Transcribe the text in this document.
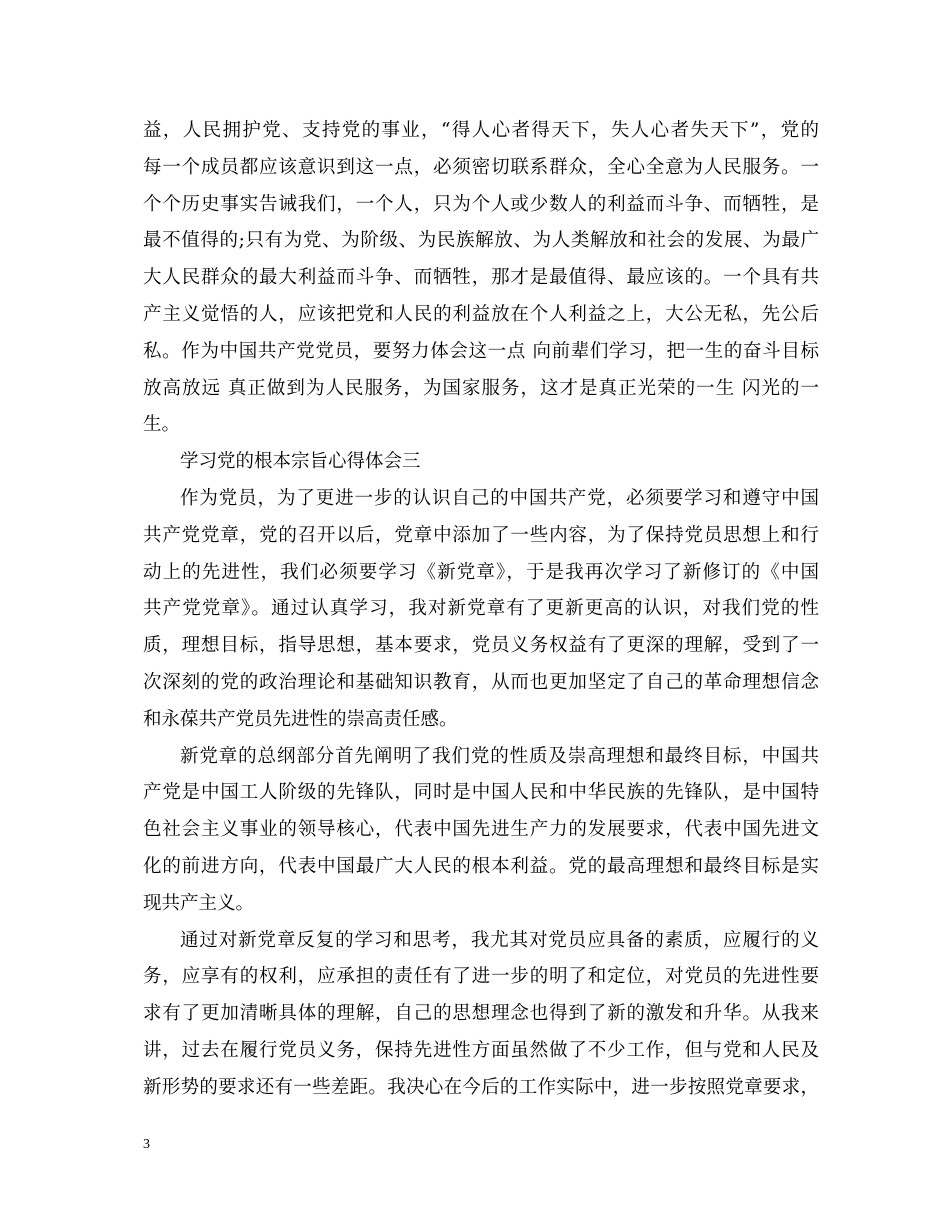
益，人民拥护党、支持党的事业，“得人心者得天下，失人心者失天下”，党的
每一个成员都应该意识到这一点，必须密切联系群众，全心全意为人民服务。一
个个历史事实告诫我们，一个人，只为个人或少数人的利益而斗争、而牺牲，是
最不值得的;只有为党、为阶级、为民族解放、为人类解放和社会的发展、为最广
大人民群众的最大利益而斗争、而牺牲，那才是最值得、最应该的。一个具有共
产主义觉悟的人，应该把党和人民的利益放在个人利益之上，大公无私，先公后
私。作为中国共产党党员，要努力体会这一点 向前辈们学习，把一生的奋斗目标
放高放远 真正做到为人民服务，为国家服务，这才是真正光荣的一生 闪光的一
生。
学习党的根本宗旨心得体会三
作为党员，为了更进一步的认识自己的中国共产党，必须要学习和遵守中国
共产党党章，党的召开以后，党章中添加了一些内容，为了保持党员思想上和行
动上的先进性，我们必须要学习《新党章》，于是我再次学习了新修订的《中国
共产党党章》。通过认真学习，我对新党章有了更新更高的认识，对我们党的性
质，理想目标，指导思想，基本要求，党员义务权益有了更深的理解，受到了一
次深刻的党的政治理论和基础知识教育，从而也更加坚定了自己的革命理想信念
和永葆共产党员先进性的崇高责任感。
新党章的总纲部分首先阐明了我们党的性质及崇高理想和最终目标，中国共
产党是中国工人阶级的先锋队，同时是中国人民和中华民族的先锋队，是中国特
色社会主义事业的领导核心，代表中国先进生产力的发展要求，代表中国先进文
化的前进方向，代表中国最广大人民的根本利益。党的最高理想和最终目标是实
现共产主义。
通过对新党章反复的学习和思考，我尤其对党员应具备的素质，应履行的义
务，应享有的权利，应承担的责任有了进一步的明了和定位，对党员的先进性要
求有了更加清晰具体的理解，自己的思想理念也得到了新的激发和升华。从我来
讲，过去在履行党员义务，保持先进性方面虽然做了不少工作，但与党和人民及
新形势的要求还有一些差距。我决心在今后的工作实际中，进一步按照党章要求，
3
